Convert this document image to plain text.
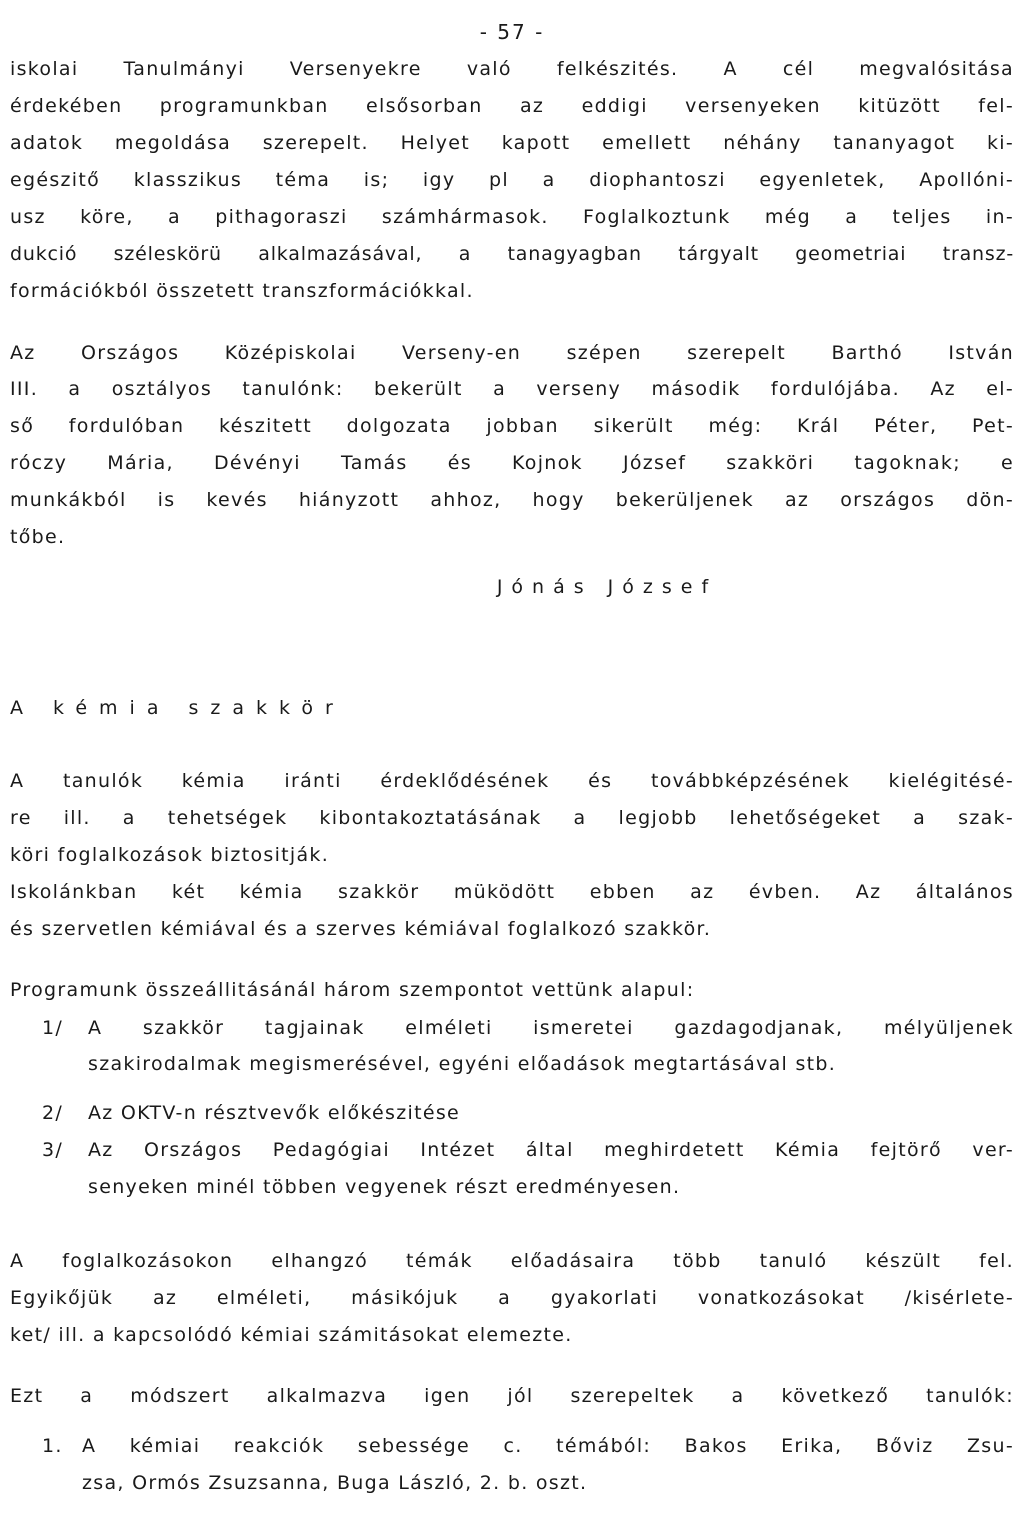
- 57 -
iskolai Tanulmányi Versenyekre való felkészités. A cél megvalósitása
érdekében programunkban elsősorban az eddigi versenyeken kitüzött fel-
adatok megoldása szerepelt. Helyet kapott emellett néhány tananyagot ki-
egészitő klasszikus téma is; igy pl a diophantoszi egyenletek, Apollóni-
usz köre, a pithagoraszi számhármasok. Foglalkoztunk még a teljes in-
dukció széleskörü alkalmazásával, a tanagyagban tárgyalt geometriai transz-
formációkból összetett transzformációkkal.
Az Országos Középiskolai Verseny-en szépen szerepelt Barthó István
III. a osztályos tanulónk: bekerült a verseny második fordulójába. Az el-
ső fordulóban készitett dolgozata jobban sikerült még: Král Péter, Pet-
róczy Mária, Dévényi Tamás és Kojnok József szakköri tagoknak; e
munkákból is kevés hiányzott ahhoz, hogy bekerüljenek az országos dön-
tőbe.
Jónás József
A kémia szakkör
A tanulók kémia iránti érdeklődésének és továbbképzésének kielégitésé-
re ill. a tehetségek kibontakoztatásának a legjobb lehetőségeket a szak-
köri foglalkozások biztositják.
Iskolánkban két kémia szakkör müködött ebben az évben. Az általános
és szervetlen kémiával és a szerves kémiával foglalkozó szakkör.
Programunk összeállitásánál három szempontot vettünk alapul:
1/	A szakkör tagjainak elméleti ismeretei gazdagodjanak, mélyüljenek
szakirodalmak megismerésével, egyéni előadások megtartásával stb.
2/	Az OKTV-n résztvevők előkészitése
3/	Az Országos Pedagógiai Intézet által meghirdetett Kémia fejtörő ver-
senyeken minél többen vegyenek részt eredményesen.
A foglalkozásokon elhangzó témák előadásaira több tanuló készült fel.
Egyikőjük az elméleti, másikójuk a gyakorlati vonatkozásokat /kisérlete-
ket/ ill. a kapcsolódó kémiai számitásokat elemezte.
Ezt a módszert alkalmazva igen jól szerepeltek a következő tanulók:
1.	A kémiai reakciók sebessége c. témából: Bakos Erika, Bőviz Zsu-
zsa, Ormós Zsuzsanna, Buga László, 2. b. oszt.
